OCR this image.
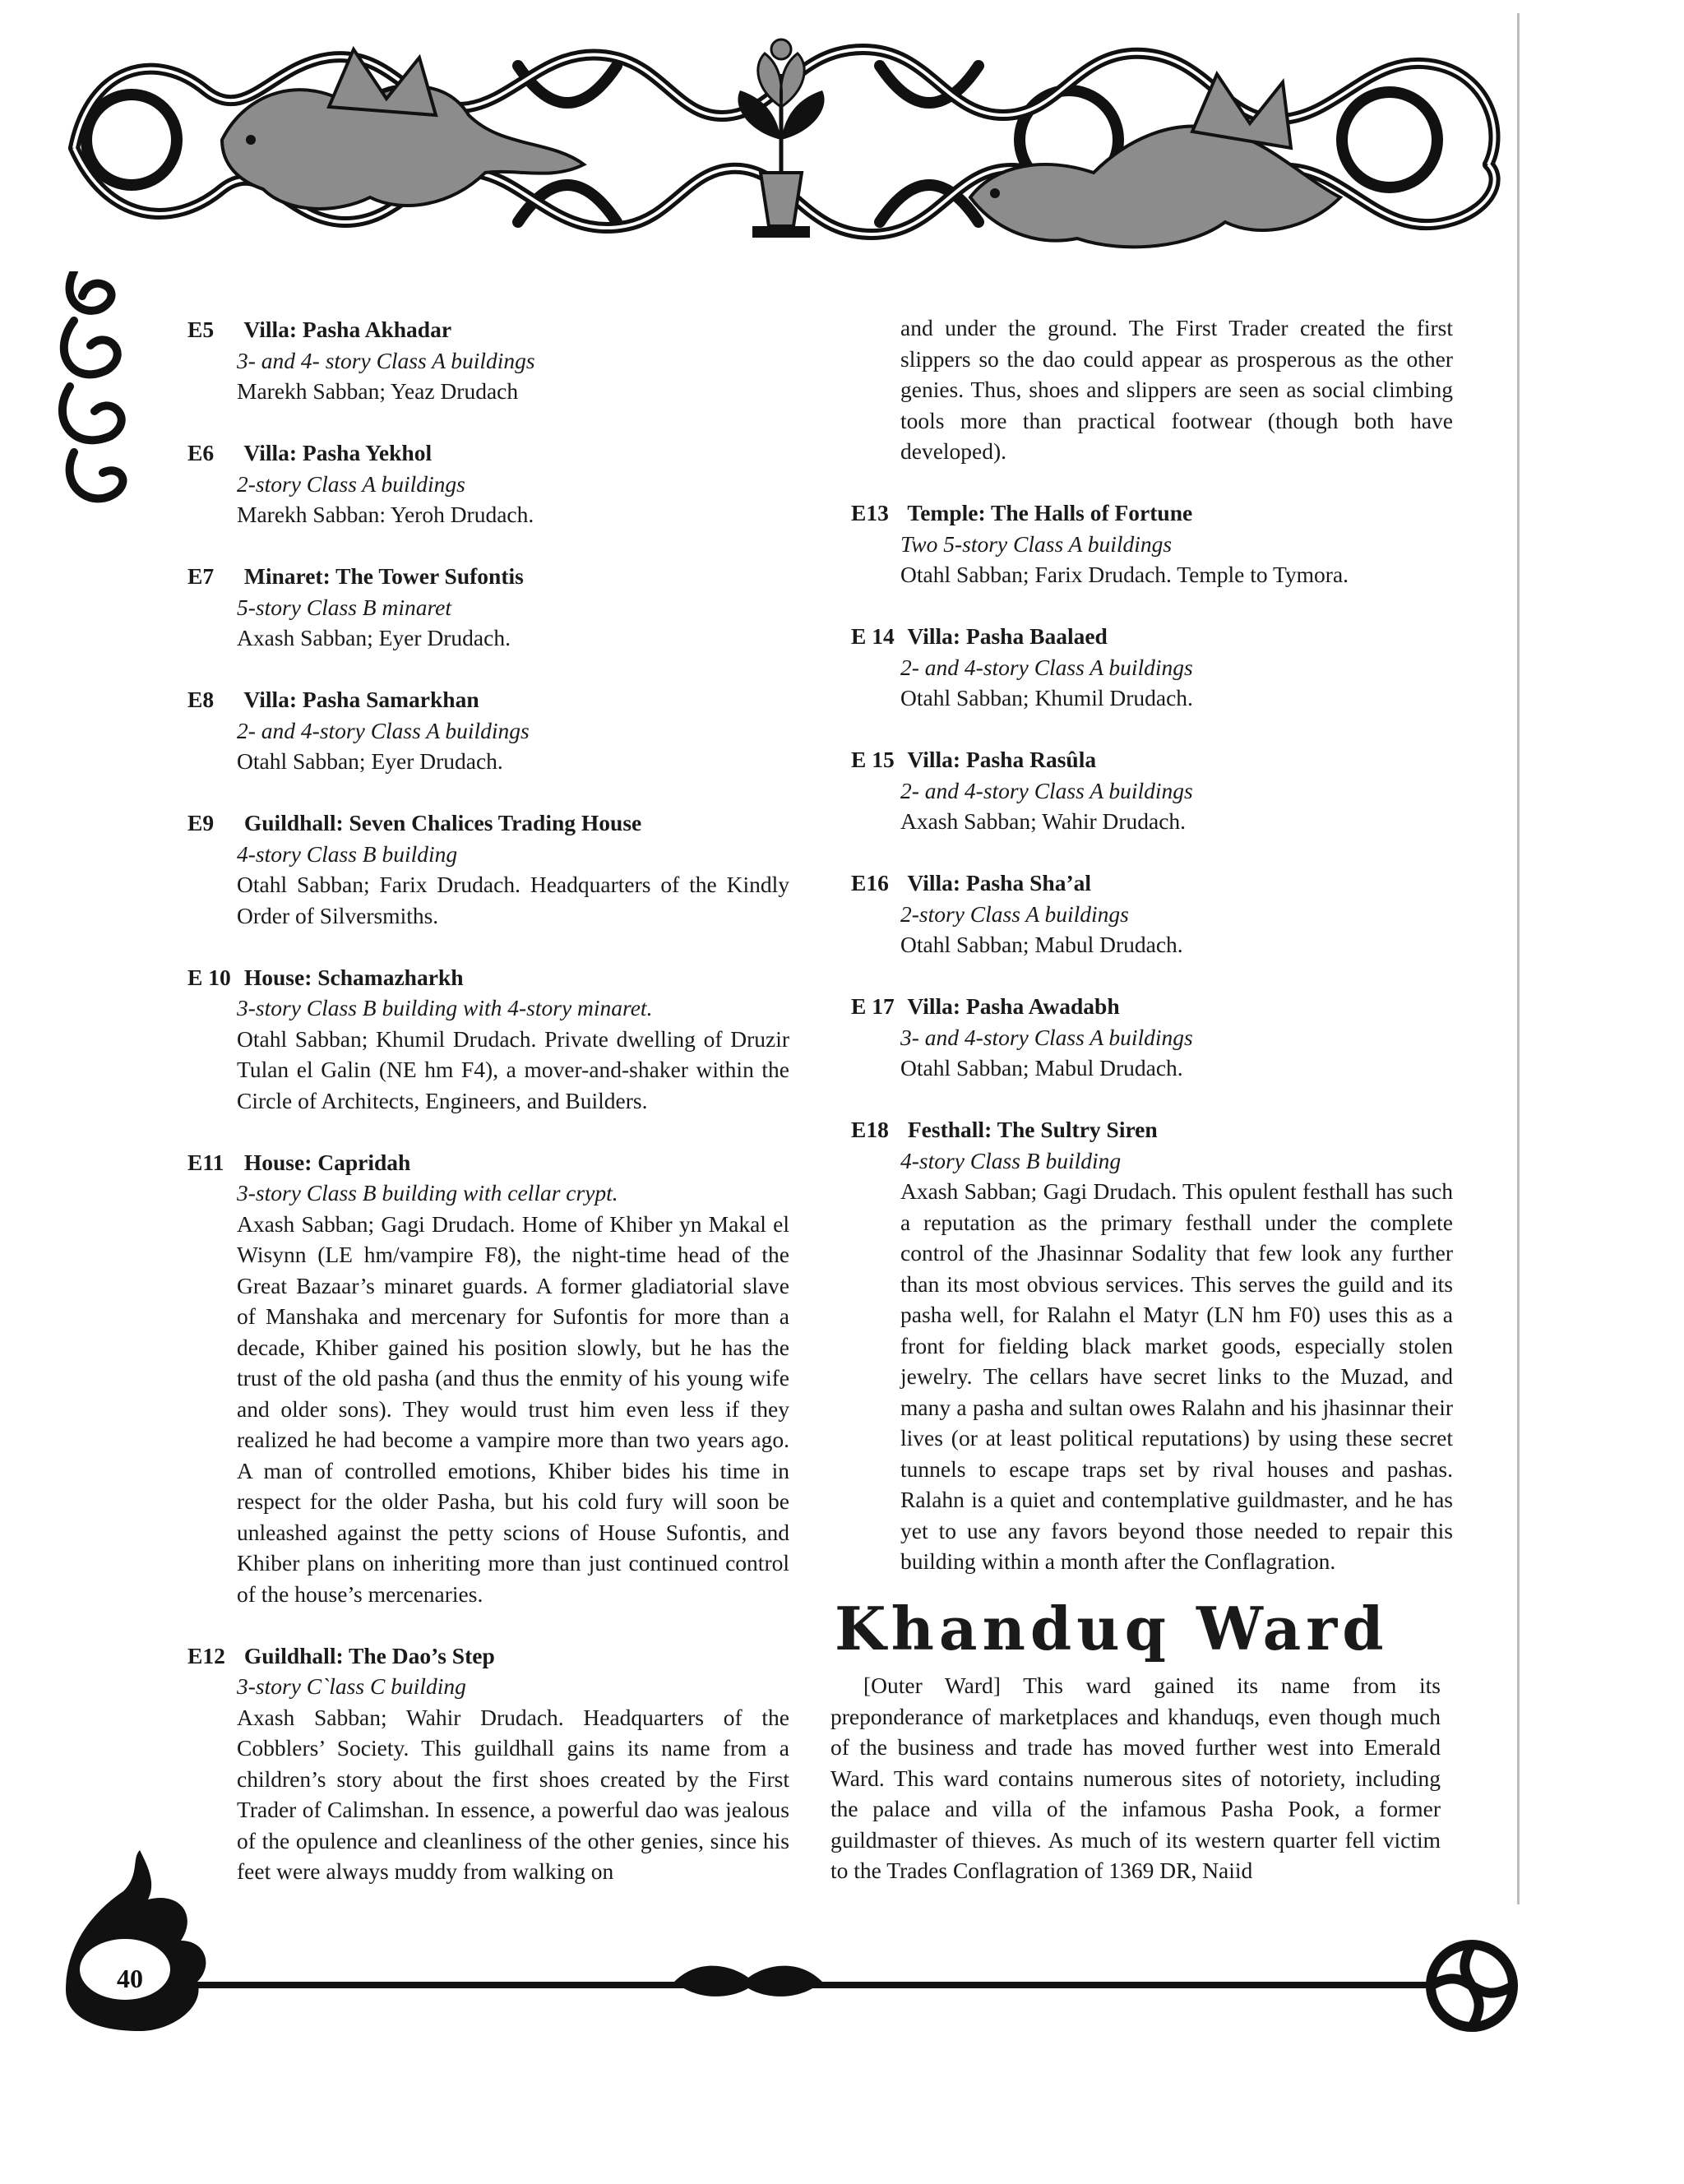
40
E5 Villa: Pasha Akhadar
3- and 4- story Class A buildings
Marekh Sabban; Yeaz Drudach
E6 Villa: Pasha Yekhol
2-story Class A buildings
Marekh Sabban: Yeroh Drudach.
E7 Minaret: The Tower Sufontis
5-story Class B minaret
Axash Sabban; Eyer Drudach.
E8 Villa: Pasha Samarkhan
2- and 4-story Class A buildings
Otahl Sabban; Eyer Drudach.
E9 Guildhall: Seven Chalices Trading House
4-story Class B building
Otahl Sabban; Farix Drudach. Headquarters of the Kindly Order of Silversmiths.
E 10 House: Schamazharkh
3-story Class B building with 4-story minaret.
Otahl Sabban; Khumil Drudach. Private dwelling of Druzir Tulan el Galin (NE hm F4), a mover-and-shaker within the Circle of Architects, Engineers, and Builders.
E11 House: Capridah
3-story Class B building with cellar crypt.
Axash Sabban; Gagi Drudach. Home of Khiber yn Makal el Wisynn (LE hm/vampire F8), the night-time head of the Great Bazaar’s minaret guards. A former gladiatorial slave of Manshaka and mercenary for Sufontis for more than a decade, Khiber gained his position slowly, but he has the trust of the old pasha (and thus the enmity of his young wife and older sons). They would trust him even less if they realized he had become a vampire more than two years ago. A man of controlled emotions, Khiber bides his time in respect for the older Pasha, but his cold fury will soon be unleashed against the petty scions of House Sufontis, and Khiber plans on inheriting more than just continued control of the house’s mercenaries.
E12 Guildhall: The Dao’s Step
3-story C`lass C building
Axash Sabban; Wahir Drudach. Headquarters of the Cobblers’ Society. This guildhall gains its name from a children’s story about the first shoes created by the First Trader of Calimshan. In essence, a powerful dao was jealous of the opulence and cleanliness of the other genies, since his feet were always muddy from walking on
and under the ground. The First Trader created the first slippers so the dao could appear as prosperous as the other genies. Thus, shoes and slippers are seen as social climbing tools more than practical footwear (though both have developed).
E13 Temple: The Halls of Fortune
Two 5-story Class A buildings
Otahl Sabban; Farix Drudach. Temple to Tymora.
E 14 Villa: Pasha Baalaed
2- and 4-story Class A buildings
Otahl Sabban; Khumil Drudach.
E 15 Villa: Pasha Rasûla
2- and 4-story Class A buildings
Axash Sabban; Wahir Drudach.
E16 Villa: Pasha Sha’al
2-story Class A buildings
Otahl Sabban; Mabul Drudach.
E 17 Villa: Pasha Awadabh
3- and 4-story Class A buildings
Otahl Sabban; Mabul Drudach.
E18 Festhall: The Sultry Siren
4-story Class B building
Axash Sabban; Gagi Drudach. This opulent festhall has such a reputation as the primary festhall under the complete control of the Jhasinnar Sodality that few look any further than its most obvious services. This serves the guild and its pasha well, for Ralahn el Matyr (LN hm F0) uses this as a front for fielding black market goods, especially stolen jewelry. The cellars have secret links to the Muzad, and many a pasha and sultan owes Ralahn and his jhasinnar their lives (or at least political reputations) by using these secret tunnels to escape traps set by rival houses and pashas. Ralahn is a quiet and contemplative guildmaster, and he has yet to use any favors beyond those needed to repair this building within a month after the Conflagration.
Khanduq Ward
[Outer Ward] This ward gained its name from its preponderance of marketplaces and khanduqs, even though much of the business and trade has moved further west into Emerald Ward. This ward contains numerous sites of notoriety, including the palace and villa of the infamous Pasha Pook, a former guildmaster of thieves. As much of its western quarter fell victim to the Trades Conflagration of 1369 DR, Naiid
